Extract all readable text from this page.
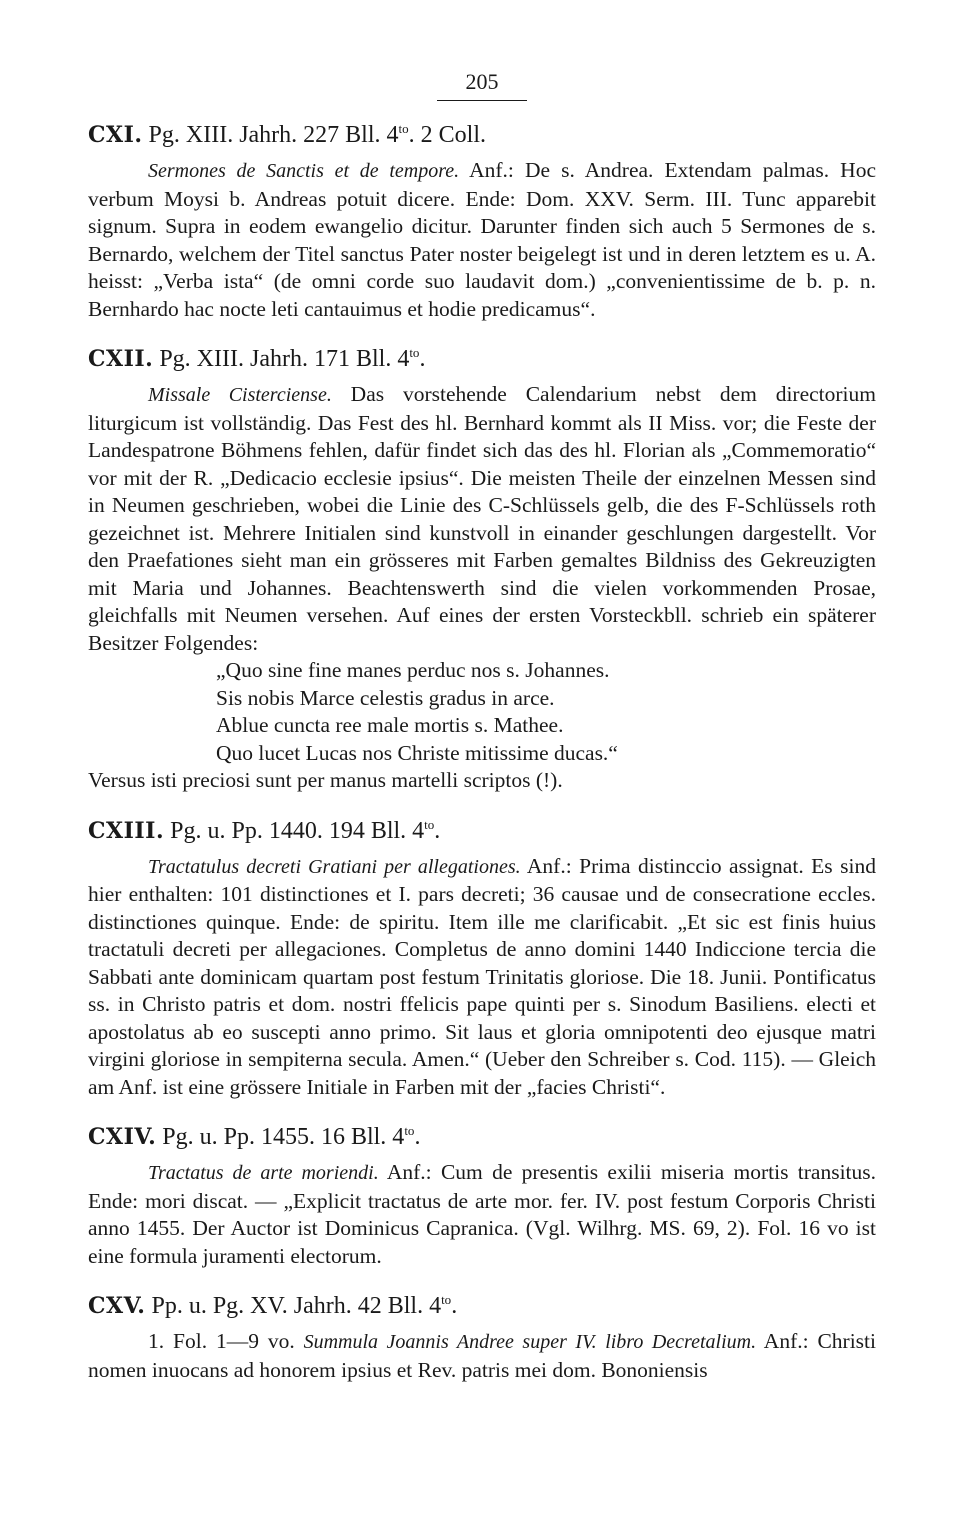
205
CXI. Pg. XIII. Jahrh. 227 Bll. $4^{to}$. 2 Coll.

Sermones de Sanctis et de tempore. Anf.: De s. Andrea. Extendam palmas. Hoc verbum Moysi b. Andreas potuit dicere. Ende: Dom. XXV. Serm. III. Tunc apparebit signum. Supra in eodem ewangelio dicitur. Darunter finden sich auch 5 Sermones de s. Bernardo, welchem der Titel sanctus Pater noster beigelegt ist und in deren letztem es u. A. heisst: „Verba ista“ (de omni corde suo laudavit dom.) „convenientissime de b. p. n. Bernhardo hac nocte leti cantauimus et hodie predicamus“.

CXII. Pg. XIII. Jahrh. 171 Bll. $4^{to}$.

Missale Cisterciense. Das vorstehende Calendarium nebst dem directorium liturgicum ist vollständig. Das Fest des hl. Bernhard kommt als II Miss. vor; die Feste der Landespatrone Böhmens fehlen, dafür findet sich das des hl. Florian als „Commemoratio“ vor mit der R. „Dedicacio ecclesie ipsius“. Die meisten Theile der einzelnen Messen sind in Neumen geschrieben, wobei die Linie des C-Schlüssels gelb, die des F-Schlüssels roth gezeichnet ist. Mehrere Initialen sind kunstvoll in einander geschlungen dargestellt. Vor den Praefationes sieht man ein grösseres mit Farben gemaltes Bildniss des Gekreuzigten mit Maria und Johannes. Beachtenswerth sind die vielen vorkommenden Prosae, gleichfalls mit Neumen versehen. Auf eines der ersten Vorsteckbll. schrieb ein späterer Besitzer Folgendes:

„Quo sine fine manes perduc nos s. Johannes.
Sis nobis Marce celestis gradus in arce.
Ablue cuncta ree male mortis s. Mathee.
Quo lucet Lucas nos Christe mitissime ducas.“

Versus isti preciosi sunt per manus martelli scriptos (!).

CXIII. Pg. u. Pp. 1440. 194 Bll. $4^{to}$.

Tractatulus decreti Gratiani per allegationes. Anf.: Prima distinccio assignat. Es sind hier enthalten: 101 distinctiones et I. pars decreti; 36 causae und de consecratione eccles. distinctiones quinque. Ende: de spiritu. Item ille me clarificabit. „Et sic est finis huius tractatuli decreti per allegaciones. Completus de anno domini 1440 Indiccione tercia die Sabbati ante dominicam quartam post festum Trinitatis gloriose. Die 18. Junii. Pontificatus ss. in Christo patris et dom. nostri ffelicis pape quinti per s. Sinodum Basiliens. electi et apostolatus ab eo suscepti anno primo. Sit laus et gloria omnipotenti deo ejusque matri virgini gloriose in sempiterna secula. Amen.“ (Ueber den Schreiber s. Cod. 115). — Gleich am Anf. ist eine grössere Initiale in Farben mit der „facies Christi“.

CXIV. Pg. u. Pp. 1455. 16 Bll. $4^{to}$.

Tractatus de arte moriendi. Anf.: Cum de presentis exilii miseria mortis transitus. Ende: mori discat. — „Explicit tractatus de arte mor. fer. IV. post festum Corporis Christi anno 1455. Der Auctor ist Dominicus Capranica. (Vgl. Wilhrg. MS. 69, 2). Fol. 16 vo ist eine formula juramenti electorum.

CXV. Pp. u. Pg. XV. Jahrh. 42 Bll. $4^{to}$.

1. Fol. 1—9 vo. Summula Joannis Andree super IV. libro Decretalium. Anf.: Christi nomen inuocans ad honorem ipsius et Rev. patris mei dom. Bononiensis
